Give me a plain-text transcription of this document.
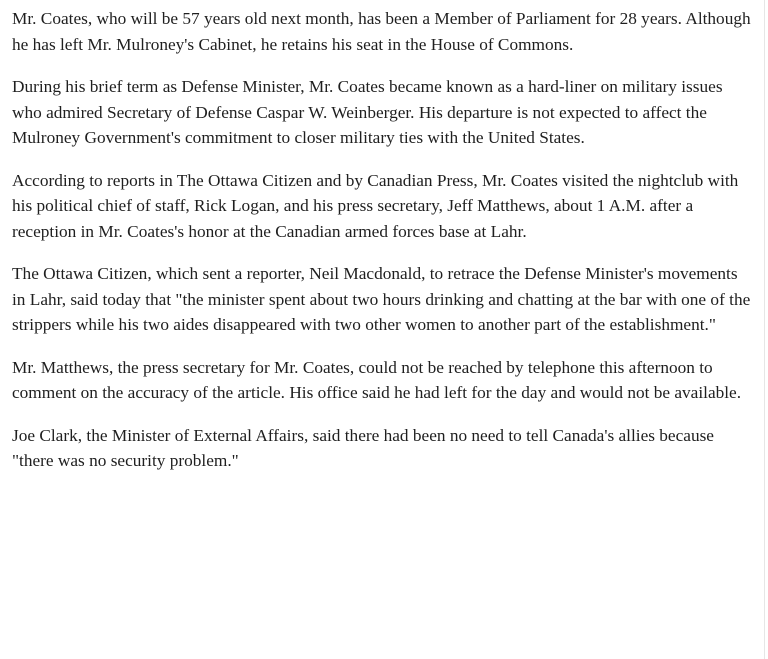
Mr. Coates, who will be 57 years old next month, has been a Member of Parliament for 28 years. Although he has left Mr. Mulroney's Cabinet, he retains his seat in the House of Commons.

During his brief term as Defense Minister, Mr. Coates became known as a hard-liner on military issues who admired Secretary of Defense Caspar W. Weinberger. His departure is not expected to affect the Mulroney Government's commitment to closer military ties with the United States.

According to reports in The Ottawa Citizen and by Canadian Press, Mr. Coates visited the nightclub with his political chief of staff, Rick Logan, and his press secretary, Jeff Matthews, about 1 A.M. after a reception in Mr. Coates's honor at the Canadian armed forces base at Lahr.

The Ottawa Citizen, which sent a reporter, Neil Macdonald, to retrace the Defense Minister's movements in Lahr, said today that "the minister spent about two hours drinking and chatting at the bar with one of the strippers while his two aides disappeared with two other women to another part of the establishment."

Mr. Matthews, the press secretary for Mr. Coates, could not be reached by telephone this afternoon to comment on the accuracy of the article. His office said he had left for the day and would not be available.

Joe Clark, the Minister of External Affairs, said there had been no need to tell Canada's allies because "there was no security problem."
